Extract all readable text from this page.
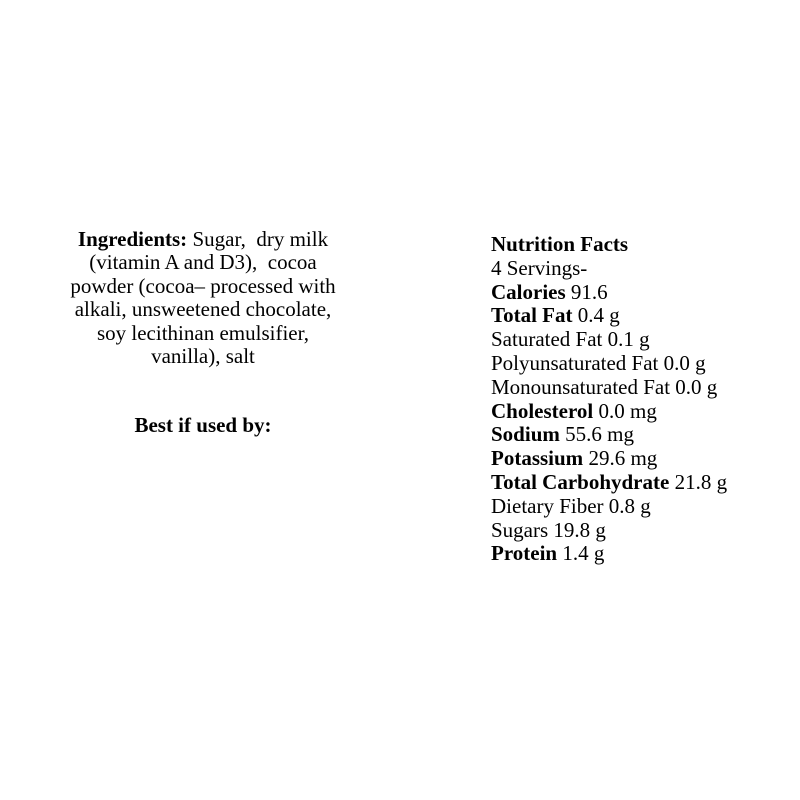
Ingredients: Sugar,  dry milk
(vitamin A and D3),  cocoa
powder (cocoa– processed with
alkali, unsweetened chocolate,
soy lecithinan emulsifier,
vanilla), salt
Best if used by:
Nutrition Facts
4 Servings-
Calories 91.6
Total Fat 0.4 g
Saturated Fat 0.1 g
Polyunsaturated Fat 0.0 g
Monounsaturated Fat 0.0 g
Cholesterol 0.0 mg
Sodium 55.6 mg
Potassium 29.6 mg
Total Carbohydrate 21.8 g
Dietary Fiber 0.8 g
Sugars 19.8 g
Protein 1.4 g
